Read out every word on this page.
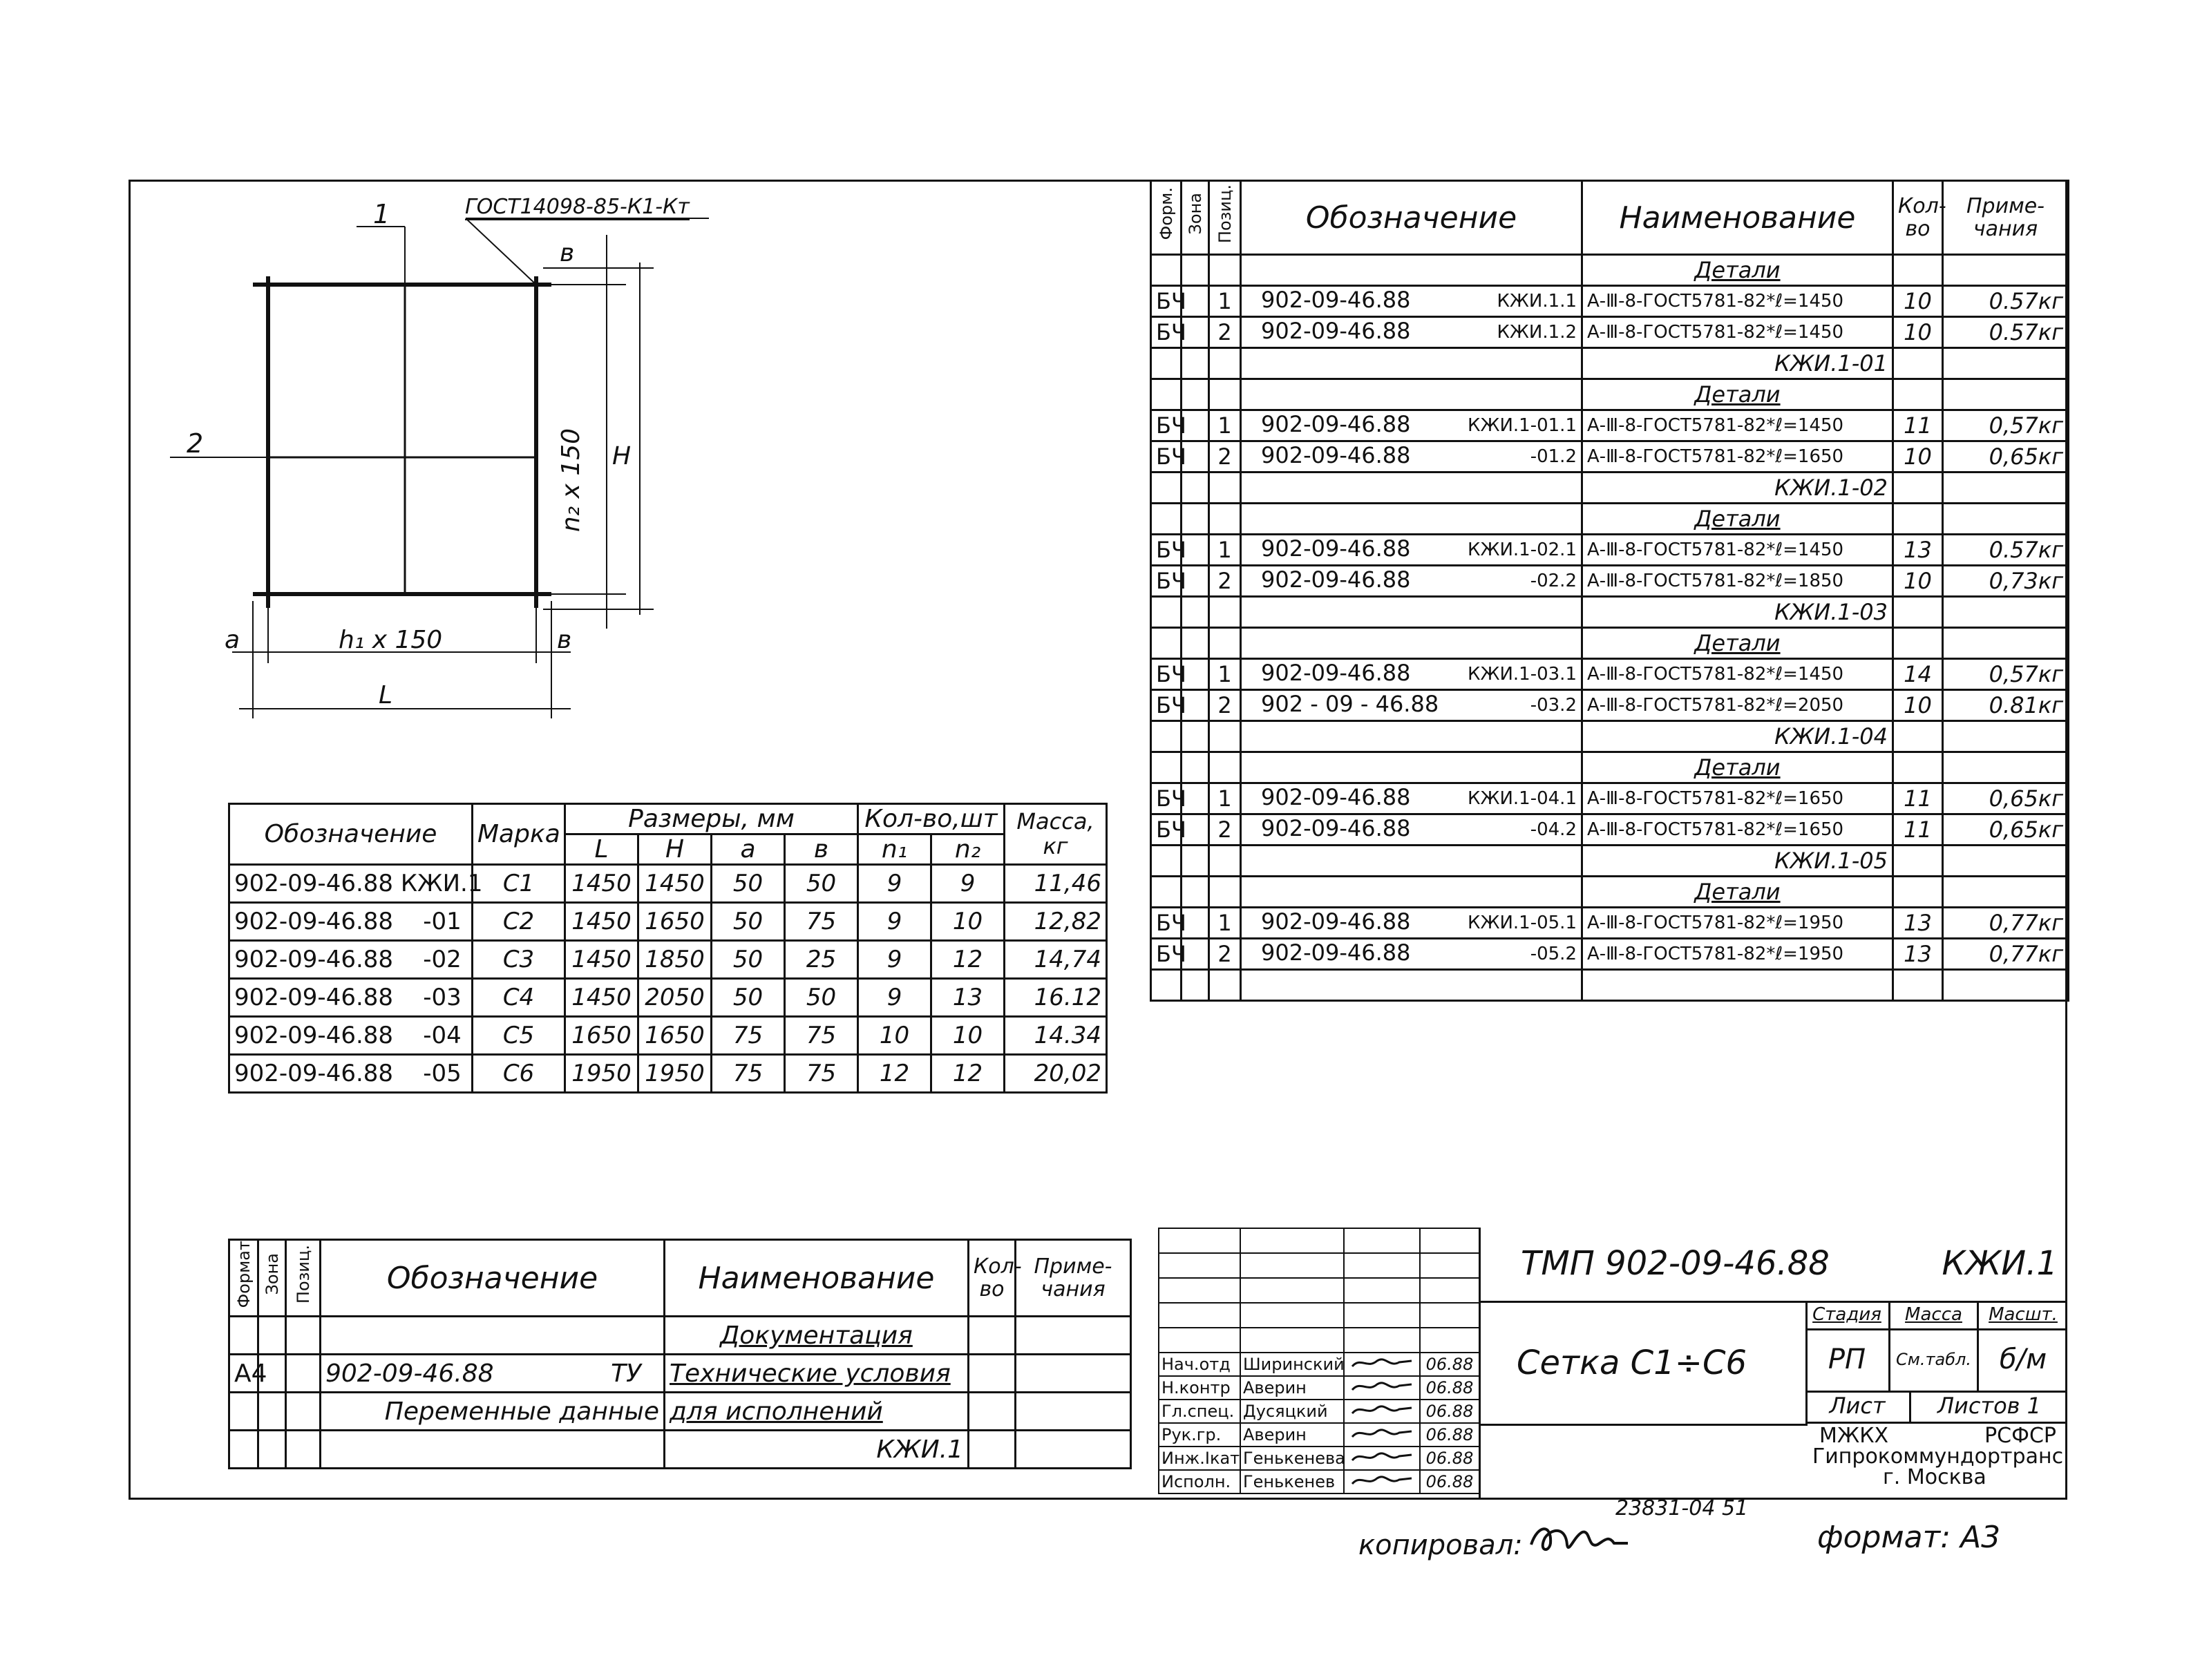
ГОСТ14098-85-К1-Кт
1
2
в
n₂ x 150 H
а	h₁ x 150	в
L
Форм.	Зона	Позиц.	Обозначение	Наименование	Кол-во	Приме-чания
				Детали		
БЧ		1	902-09-46.88 КЖИ.1.1	А-Ⅲ-8-ГОСТ5781-82*ℓ=1450	10	0.57кг
БЧ		2	902-09-46.88 КЖИ.1.2	А-Ⅲ-8-ГОСТ5781-82*ℓ=1450	10	0.57кг
				КЖИ.1-01		
				Детали		
БЧ		1	902-09-46.88 КЖИ.1-01.1	А-Ⅲ-8-ГОСТ5781-82*ℓ=1450	11	0,57кг
БЧ		2	902-09-46.88 -01.2	А-Ⅲ-8-ГОСТ5781-82*ℓ=1650	10	0,65кг
				КЖИ.1-02		
				Детали		
БЧ		1	902-09-46.88 КЖИ.1-02.1	А-Ⅲ-8-ГОСТ5781-82*ℓ=1450	13	0.57кг
БЧ		2	902-09-46.88 -02.2	А-Ⅲ-8-ГОСТ5781-82*ℓ=1850	10	0,73кг
				КЖИ.1-03		
				Детали		
БЧ		1	902-09-46.88 КЖИ.1-03.1	А-Ⅲ-8-ГОСТ5781-82*ℓ=1450	14	0,57кг
БЧ		2	902 - 09 - 46.88 -03.2	А-Ⅲ-8-ГОСТ5781-82*ℓ=2050	10	0.81кг
				КЖИ.1-04		
				Детали		
БЧ		1	902-09-46.88 КЖИ.1-04.1	А-Ⅲ-8-ГОСТ5781-82*ℓ=1650	11	0,65кг
БЧ		2	902-09-46.88 -04.2	А-Ⅲ-8-ГОСТ5781-82*ℓ=1650	11	0,65кг
				КЖИ.1-05		
				Детали		
БЧ		1	902-09-46.88 КЖИ.1-05.1	А-Ⅲ-8-ГОСТ5781-82*ℓ=1950	13	0,77кг
БЧ		2	902-09-46.88 -05.2	А-Ⅲ-8-ГОСТ5781-82*ℓ=1950	13	0,77кг

Обозначение	Марка	Размеры, мм				Кол-во,шт		Масса, кг
		L	H	а	в	n₁	n₂	
902-09-46.88 КЖИ.1	С1	1450	1450	50	50	9	9	11,46
902-09-46.88    -01	С2	1450	1650	50	75	9	10	12,82
902-09-46.88    -02	С3	1450	1850	50	25	9	12	14,74
902-09-46.88    -03	С4	1450	2050	50	50	9	13	16.12
902-09-46.88    -04	С5	1650	1650	75	75	10	10	14.34
902-09-46.88    -05	С6	1950	1950	75	75	12	12	20,02
Формат	Зона	Позиц.	Обозначение	Наименование	Кол-во	Приме-чания
				Документация		
А4			902-09-46.88 ТУ	Технические условия		
			Переменные данные	для исполнений		
				КЖИ.1		

Нач.отд	Ширинский		06.88
Н.контр	Аверин		06.88
Гл.спец.	Дусяцкий		06.88
Рук.гр.	Аверин		06.88
Инж.Iкат	Генькенева		06.88
Исполн.	Генькенев		06.88
ТМП 902-09-46.88	КЖИ.1
Сетка С1÷С6
Стадия	Масса	Масшт.
РП	См.табл.	б/м
Лист	Листов 1
МЖКХ	РСФСР
Гипрокоммундортранс
г. Москва
23831-04 51
копировал:	формат: А3
